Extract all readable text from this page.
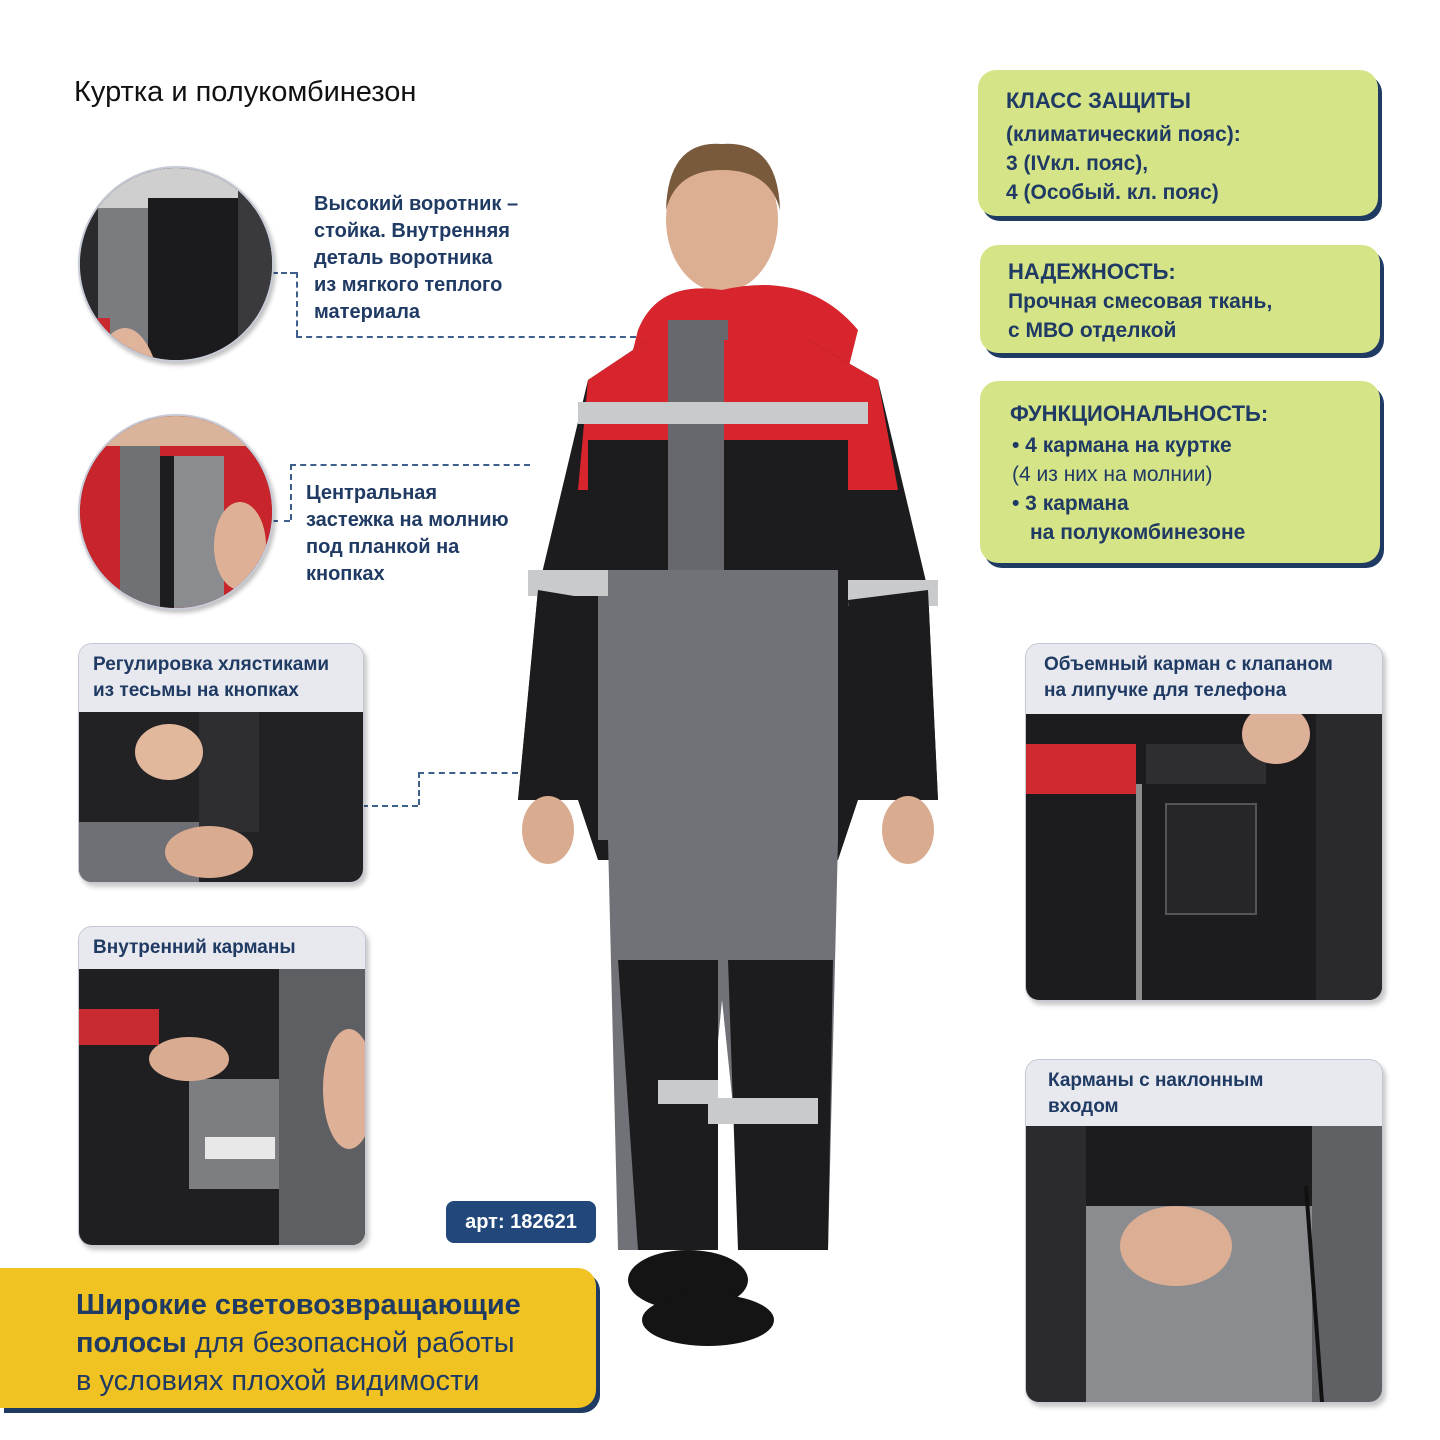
Куртка и полукомбинезон
Высокий воротник –
стойка. Внутренняя
деталь воротника
из мягкого теплого
материала
Центральная
застежка на молнию
под планкой на
кнопках
Регулировка хлястиками
из тесьмы на кнопках
Внутренний карманы
Объемный карман с клапаном
на липучке для телефона
Карманы с наклонным
входом
КЛАСС ЗАЩИТЫ
(климатический пояс):
3 (IVкл. пояс),
4 (Особый. кл. пояс)
НАДЕЖНОСТЬ:
Прочная смесовая ткань,
с МВО отделкой
ФУНКЦИОНАЛЬНОСТЬ:
• 4 кармана на куртке
(4 из них на молнии)
• 3 кармана
на полукомбинезоне
арт: 182621
Широкие световозвращающие
полосы для безопасной работы
в условиях плохой видимости
